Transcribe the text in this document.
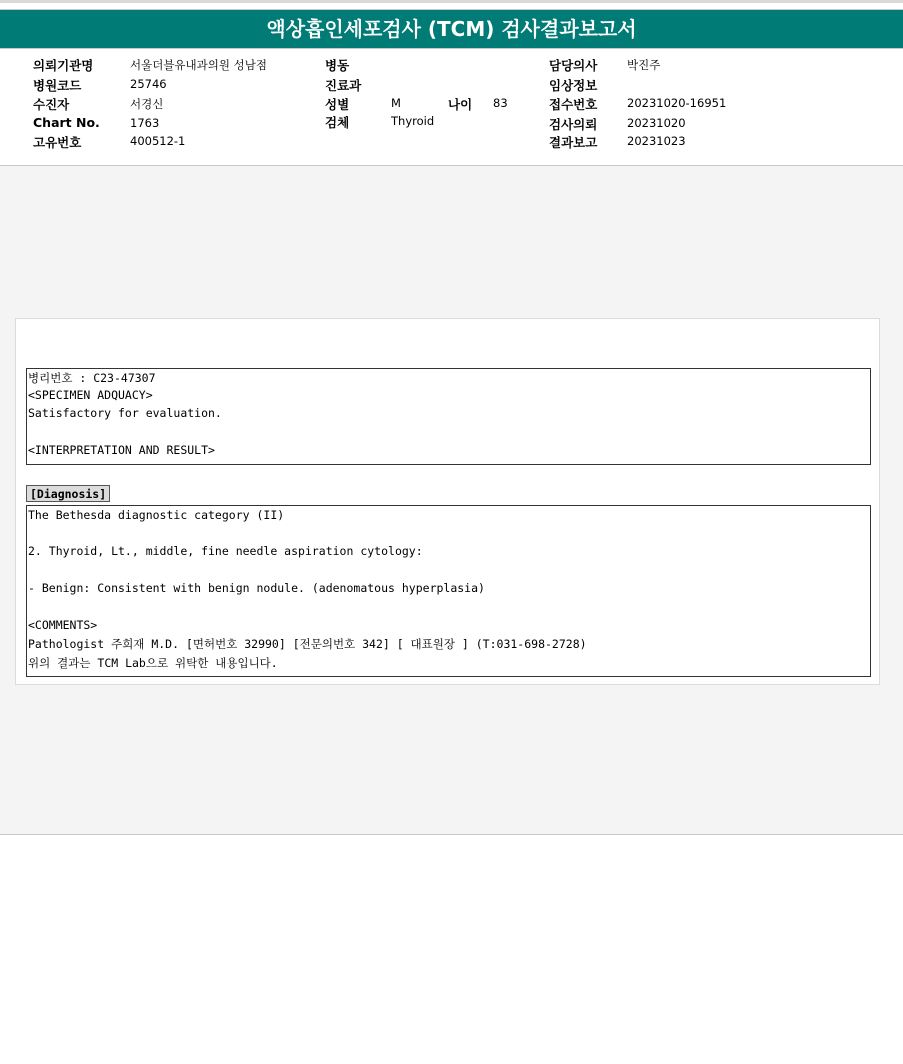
액상흡인세포검사 (TCM) 검사결과보고서
의뢰기관명	서울더블유내과의원 성남점
병원코드	25746
수진자	서경신
Chart No.	1763
고유번호	400512-1
병동
진료과
성별	M	나이 83
검체	Thyroid
담당의사	박진주
임상정보
접수번호	20231020-16951
검사의뢰	20231020
결과보고	20231023
병리번호 : C23-47307
<SPECIMEN ADQUACY>
Satisfactory for evaluation.
<INTERPRETATION AND RESULT>
[Diagnosis]
The Bethesda diagnostic category (II)
2. Thyroid, Lt., middle, fine needle aspiration cytology:
- Benign: Consistent with benign nodule. (adenomatous hyperplasia)
<COMMENTS>
Pathologist 주희재 M.D. [면허번호 32990] [전문의번호 342] [ 대표원장 ] (T:031-698-2728)
위의 결과는 TCM Lab으로 위탁한 내용입니다.
